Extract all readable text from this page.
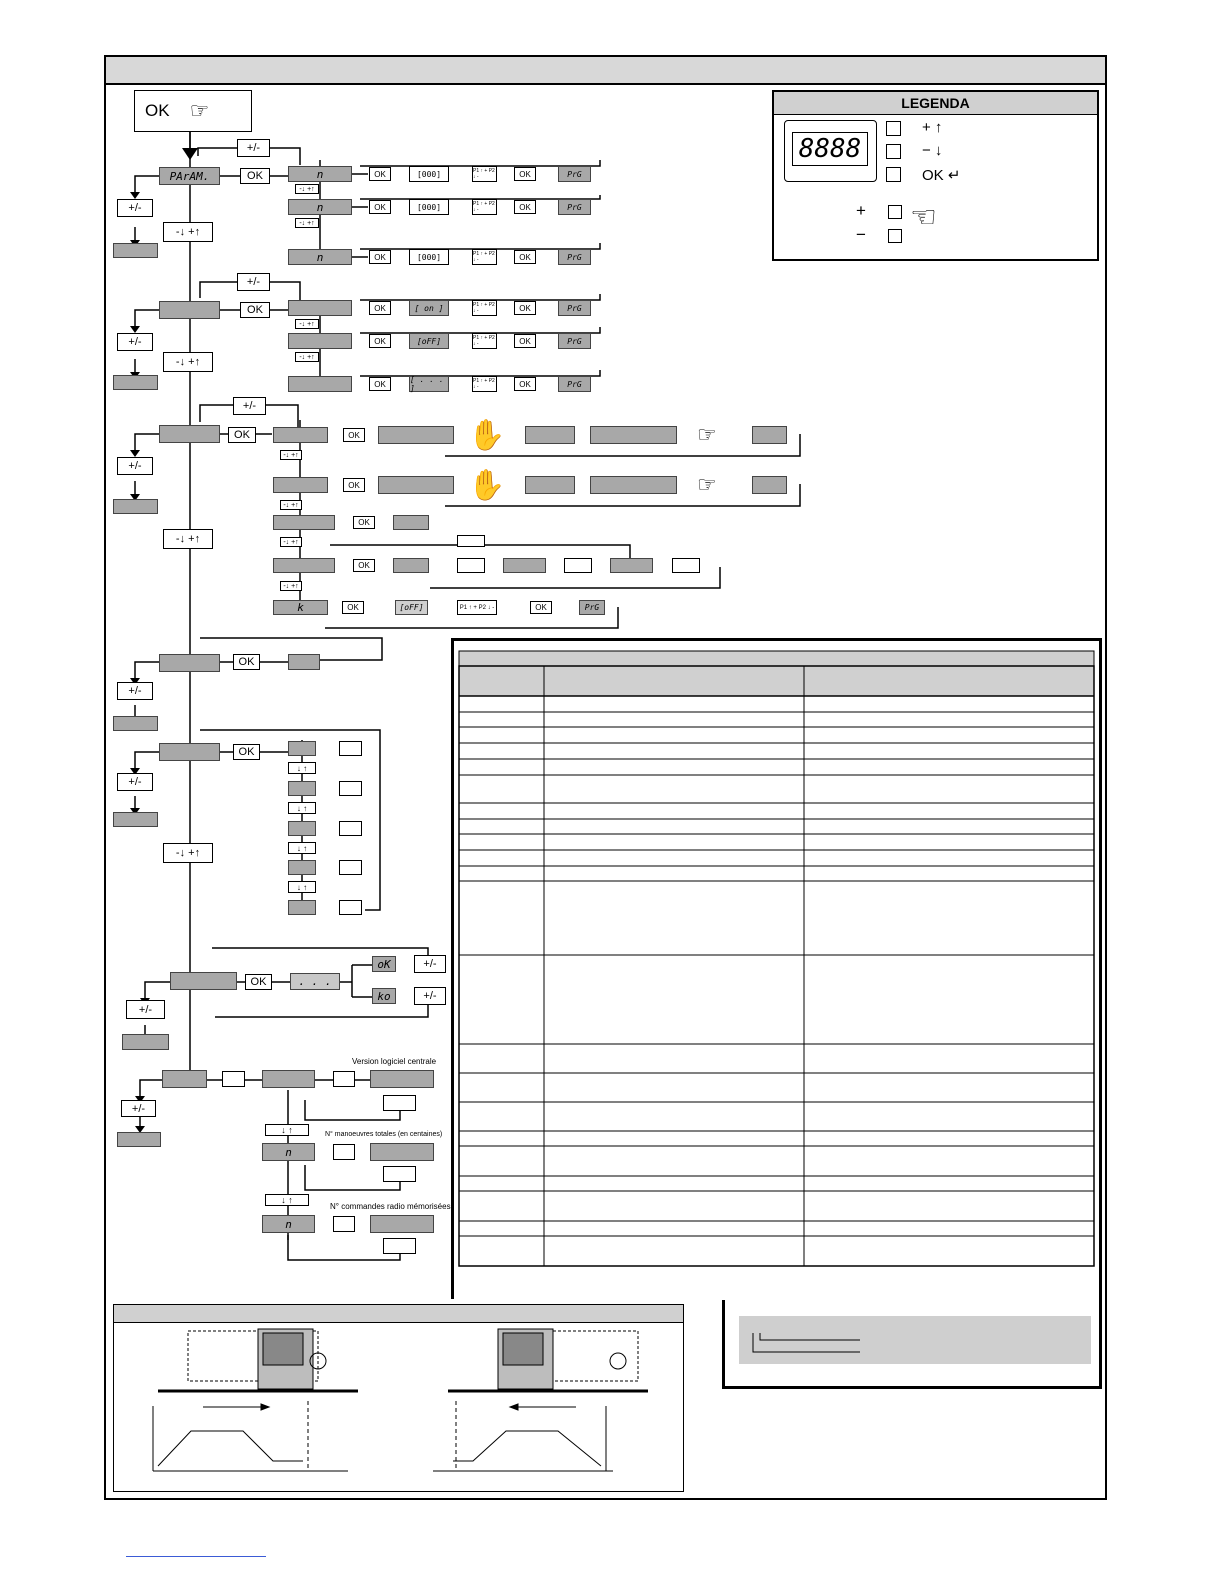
OK ☞
+/-
PArAM.	OK
+/-
-↓ +↑
n
-↓ +↑
n
-↓ +↑
n
OK	[000]	P1 ↑ + P2 ↓ -	OK	PrG
OK	[000]	P1 ↑ + P2 ↓ -	OK	PrG
OK	[000]	P1 ↑ + P2 ↓ -	OK	PrG
+/-
OK
+/-
-↓ +↑
-↓ +↑
-↓ +↑
OK	[ on ]	P1 ↑ + P2 ↓ -	OK	PrG
OK	[oFF]	P1 ↑ + P2 ↓ -	OK	PrG
OK	[ . . . ]
P1 ↑ + P2 ↓ -	OK	PrG
+/-
OK
+/-
-↓ +↑
-↓ +↑
-↓ +↑
-↓ +↑
-↓ +↑
k
OK	✋	☞
OK	✋	☞
OK
OK
OK	[oFF]	P1 ↑ + P2 ↓ -	OK	PrG
OK
+/-
OK
+/-
-↓ +↑
↓ ↑
↓ ↑
↓ ↑
↓ ↑
OK	. . .
oK	+/-
ko	+/-
+/-
Version logiciel centrale
+/-
↓ ↑	N° manoeuvres totales (en centaines)
n
↓ ↑
N° commandes radio mémorisées
n
LEGENDA
8888
+ ↑
− ↓
OK ↵
+
−
☜
